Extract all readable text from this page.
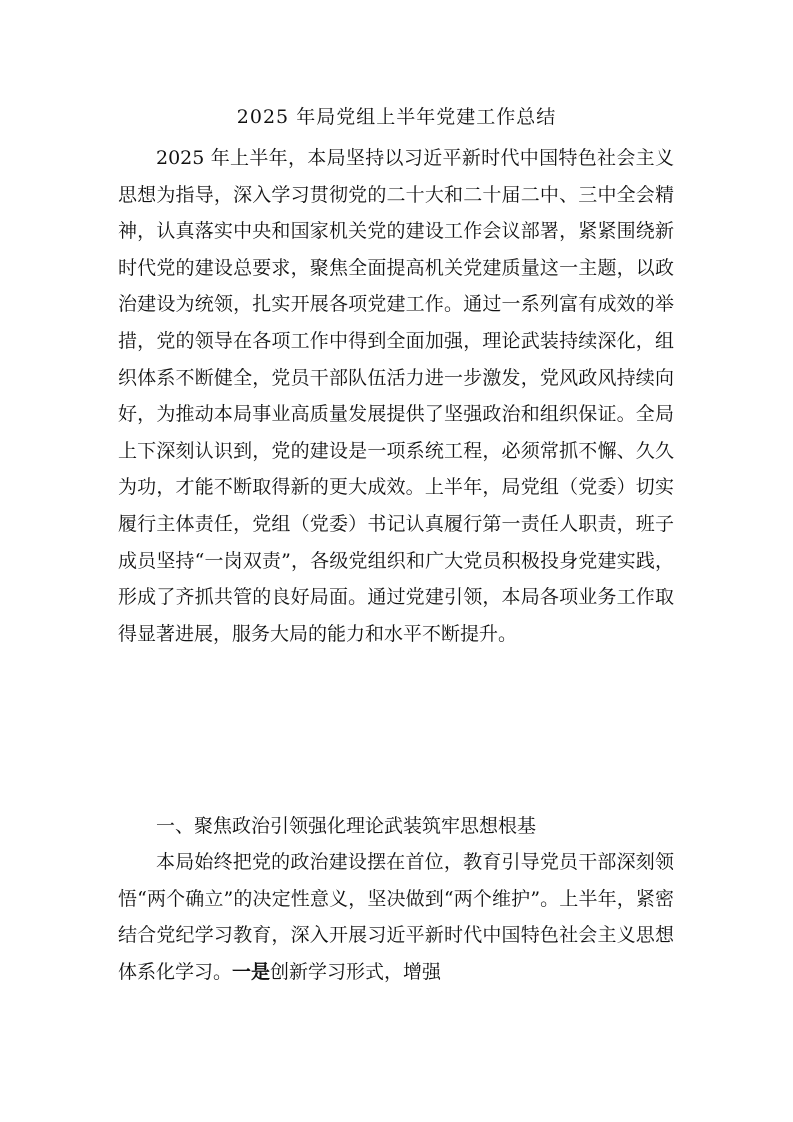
2025 年局党组上半年党建工作总结

2025 年上半年，本局坚持以习近平新时代中国特色社会主义思想为指导，深入学习贯彻党的二十大和二十届二中、三中全会精神，认真落实中央和国家机关党的建设工作会议部署，紧紧围绕新时代党的建设总要求，聚焦全面提高机关党建质量这一主题，以政治建设为统领，扎实开展各项党建工作。通过一系列富有成效的举措，党的领导在各项工作中得到全面加强，理论武装持续深化，组织体系不断健全，党员干部队伍活力进一步激发，党风政风持续向好，为推动本局事业高质量发展提供了坚强政治和组织保证。全局上下深刻认识到，党的建设是一项系统工程，必须常抓不懈、久久为功，才能不断取得新的更大成效。上半年，局党组（党委）切实履行主体责任，党组（党委）书记认真履行第一责任人职责，班子成员坚持“一岗双责”，各级党组织和广大党员积极投身党建实践，形成了齐抓共管的良好局面。通过党建引领，本局各项业务工作取得显著进展，服务大局的能力和水平不断提升。

一、聚焦政治引领强化理论武装筑牢思想根基

本局始终把党的政治建设摆在首位，教育引导党员干部深刻领悟“两个确立”的决定性意义，坚决做到“两个维护”。上半年，紧密结合党纪学习教育，深入开展习近平新时代中国特色社会主义思想体系化学习。一是创新学习形式，增强
